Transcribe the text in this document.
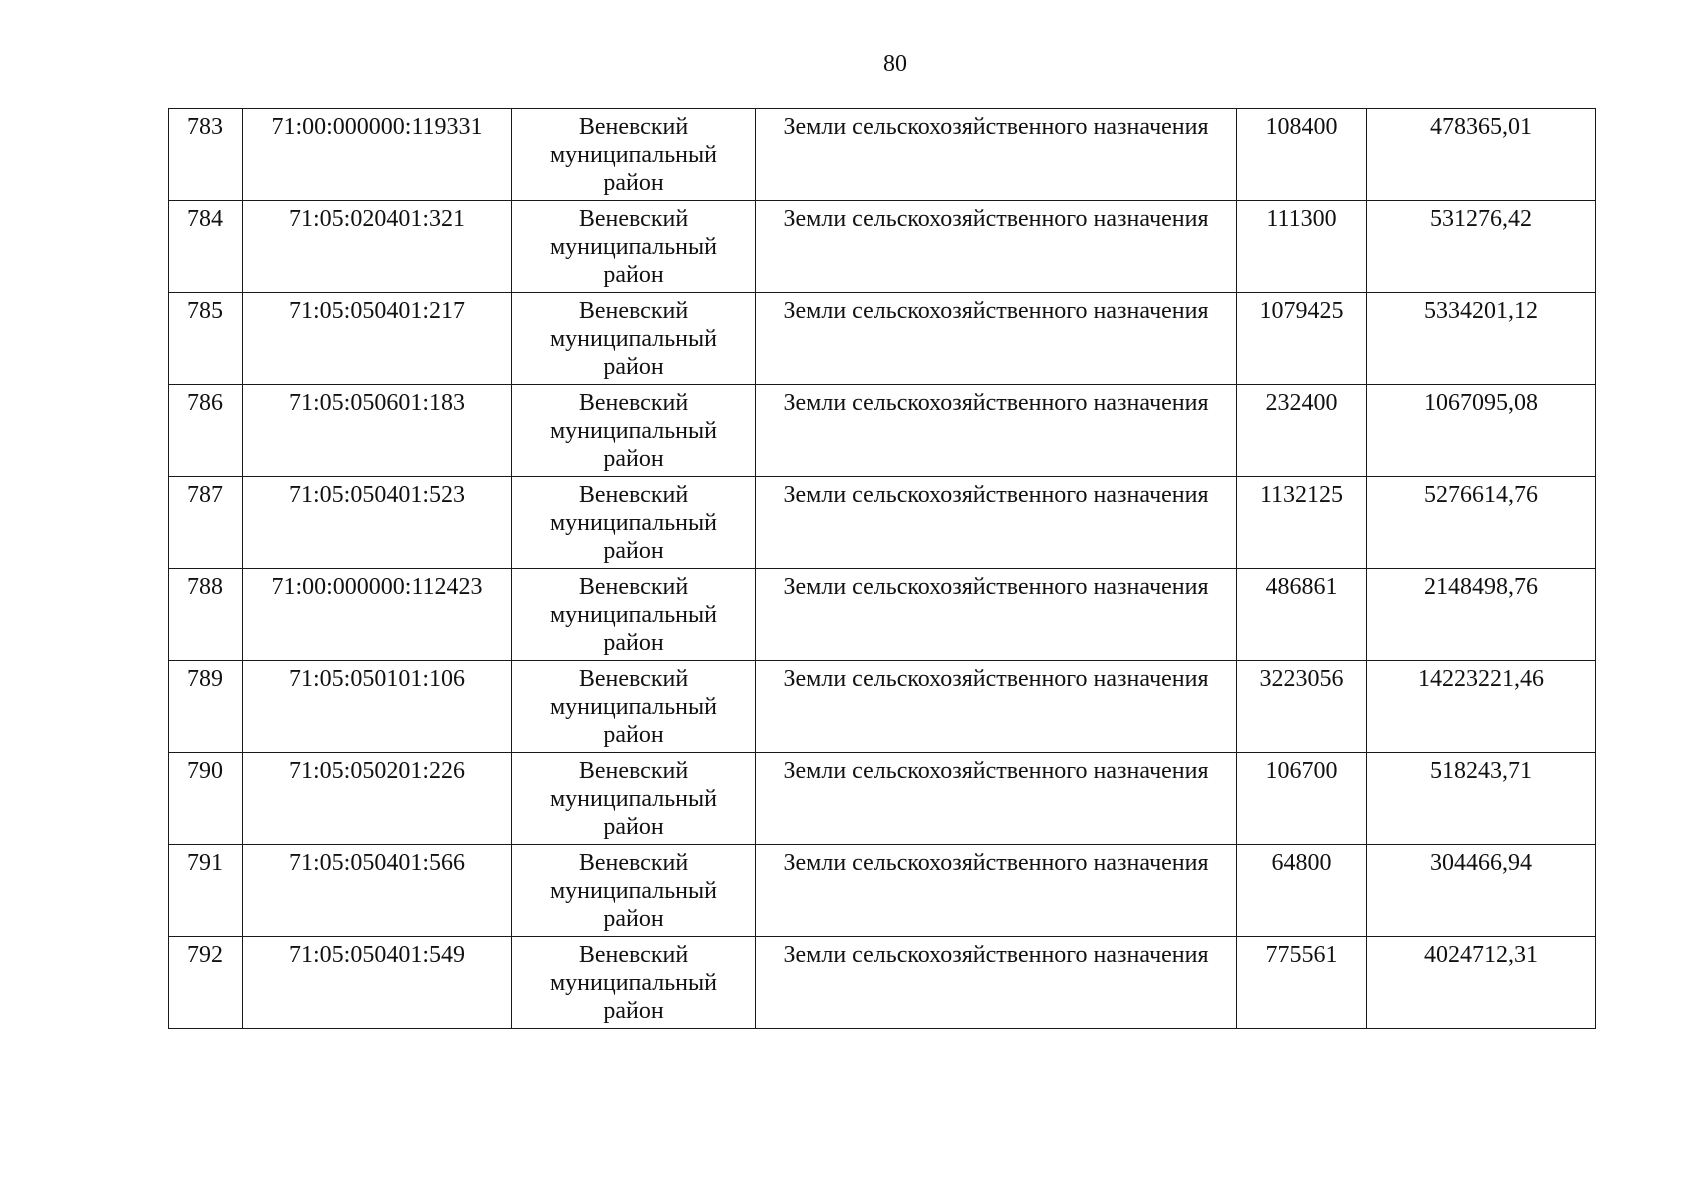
80
783	71:00:000000:119331	Веневский муниципальный район	Земли сельскохозяйственного назначения	108400	478365,01
784	71:05:020401:321	Веневский муниципальный район	Земли сельскохозяйственного назначения	111300	531276,42
785	71:05:050401:217	Веневский муниципальный район	Земли сельскохозяйственного назначения	1079425	5334201,12
786	71:05:050601:183	Веневский муниципальный район	Земли сельскохозяйственного назначения	232400	1067095,08
787	71:05:050401:523	Веневский муниципальный район	Земли сельскохозяйственного назначения	1132125	5276614,76
788	71:00:000000:112423	Веневский муниципальный район	Земли сельскохозяйственного назначения	486861	2148498,76
789	71:05:050101:106	Веневский муниципальный район	Земли сельскохозяйственного назначения	3223056	14223221,46
790	71:05:050201:226	Веневский муниципальный район	Земли сельскохозяйственного назначения	106700	518243,71
791	71:05:050401:566	Веневский муниципальный район	Земли сельскохозяйственного назначения	64800	304466,94
792	71:05:050401:549	Веневский муниципальный район	Земли сельскохозяйственного назначения	775561	4024712,31
